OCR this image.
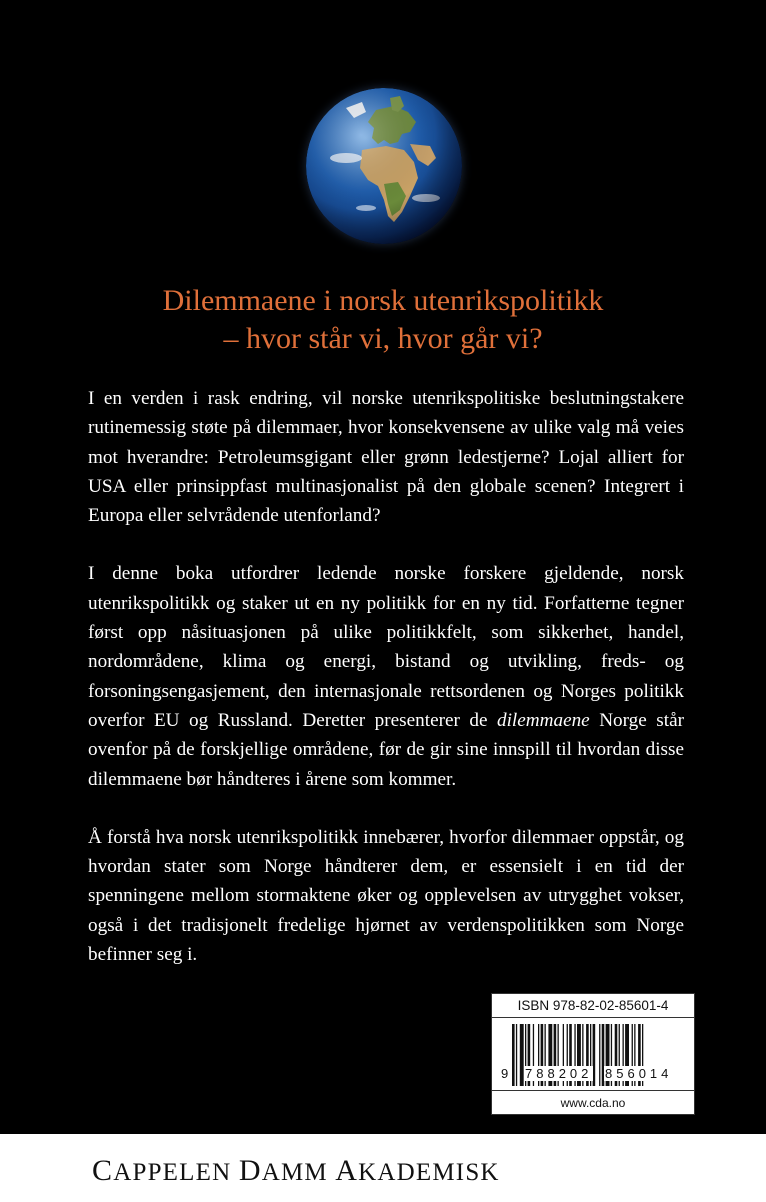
Dilemmaene i norsk utenrikspolitikk
– hvor står vi, hvor går vi?

I en verden i rask endring, vil norske utenrikspolitiske beslutningstakere rutinemessig støte på dilemmaer, hvor konsekvensene av ulike valg må veies mot hverandre: Petroleumsgigant eller grønn ledestjerne? Lojal alliert for USA eller prinsippfast multinasjonalist på den globale scenen? Integrert i Europa eller selvrådende utenforland?

I denne boka utfordrer ledende norske forskere gjeldende, norsk utenrikspolitikk og staker ut en ny politikk for en ny tid. Forfatterne tegner først opp nåsituasjonen på ulike politikkfelt, som sikkerhet, handel, nordområdene, klima og energi, bistand og utvikling, freds- og forsoningsengasjement, den internasjonale rettsordenen og Norges politikk overfor EU og Russland. Deretter presenterer de dilemmaene Norge står ovenfor på de forskjellige områdene, før de gir sine innspill til hvordan disse dilemmaene bør håndteres i årene som kommer.

Å forstå hva norsk utenrikspolitikk innebærer, hvorfor dilemmaer oppstår, og hvordan stater som Norge håndterer dem, er essensielt i en tid der spenningene mellom stormaktene øker og opplevelsen av utrygghet vokser, også i det tradisjonelt fredelige hjørnet av verdenspolitikken som Norge befinner seg i.

ISBN 978-82-02-85601-4
9 788202 856014
www.cda.no
CAPPELEN DAMM AKADEMISK
